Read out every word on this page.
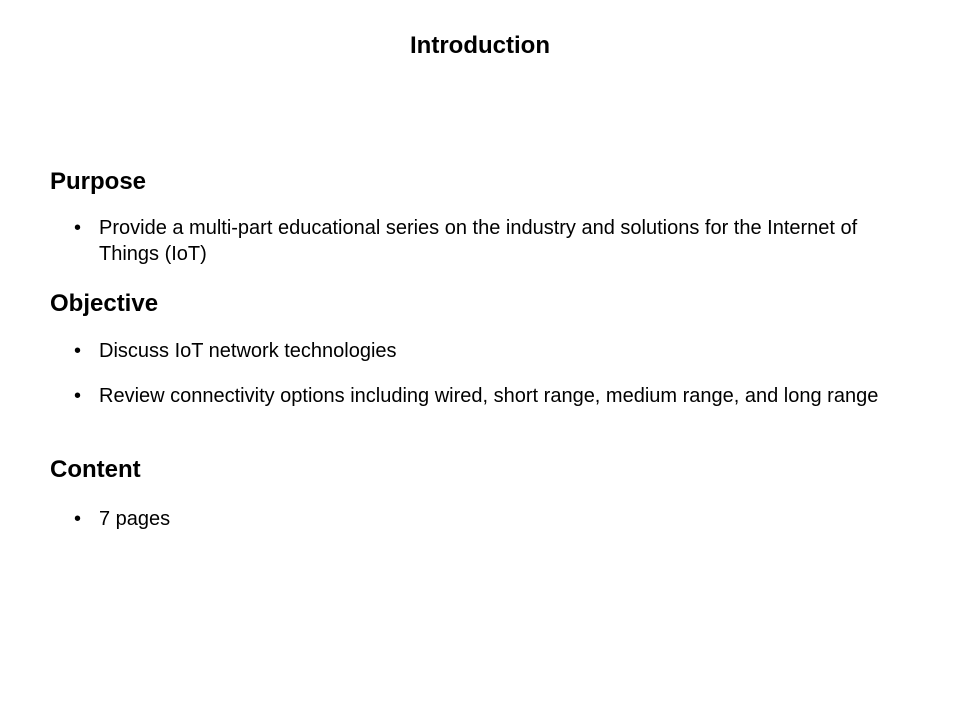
Introduction
Purpose
• Provide a multi-part educational series on the industry and solutions for the Internet of Things (IoT)
Objective
• Discuss IoT network technologies
• Review connectivity options including wired, short range, medium range, and long range
Content
• 7 pages
